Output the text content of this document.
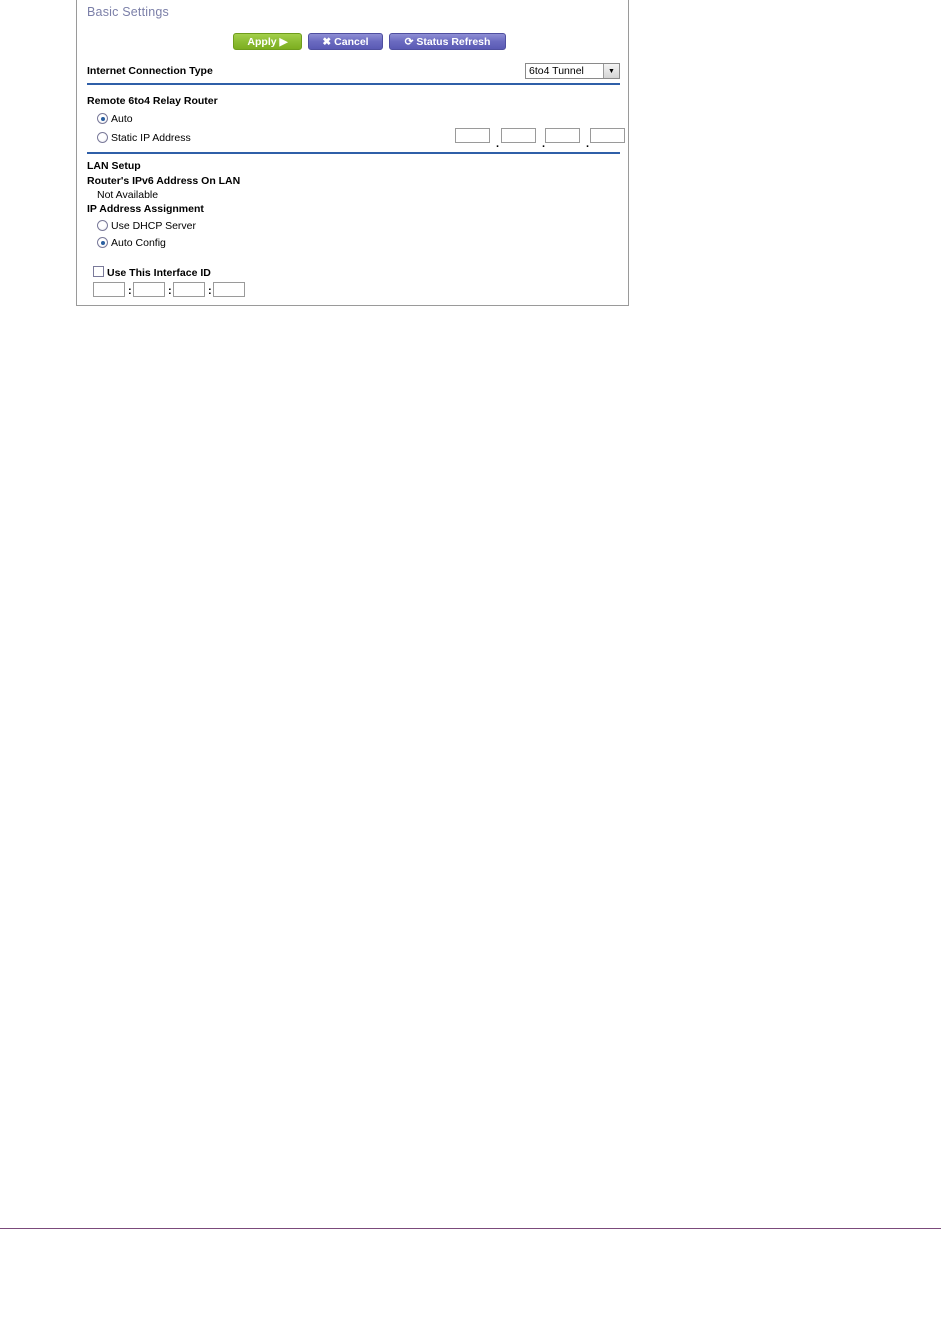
Basic Settings
Apply ▶	✖ Cancel	⟳ Status Refresh
Internet Connection Type	6to4 Tunnel	▼
Remote 6to4 Relay Router
Auto
Static IP Address	.	.	.
LAN Setup
Router's IPv6 Address On LAN
Not Available
IP Address Assignment
Use DHCP Server
Auto Config
Use This Interface ID
:	:	:
